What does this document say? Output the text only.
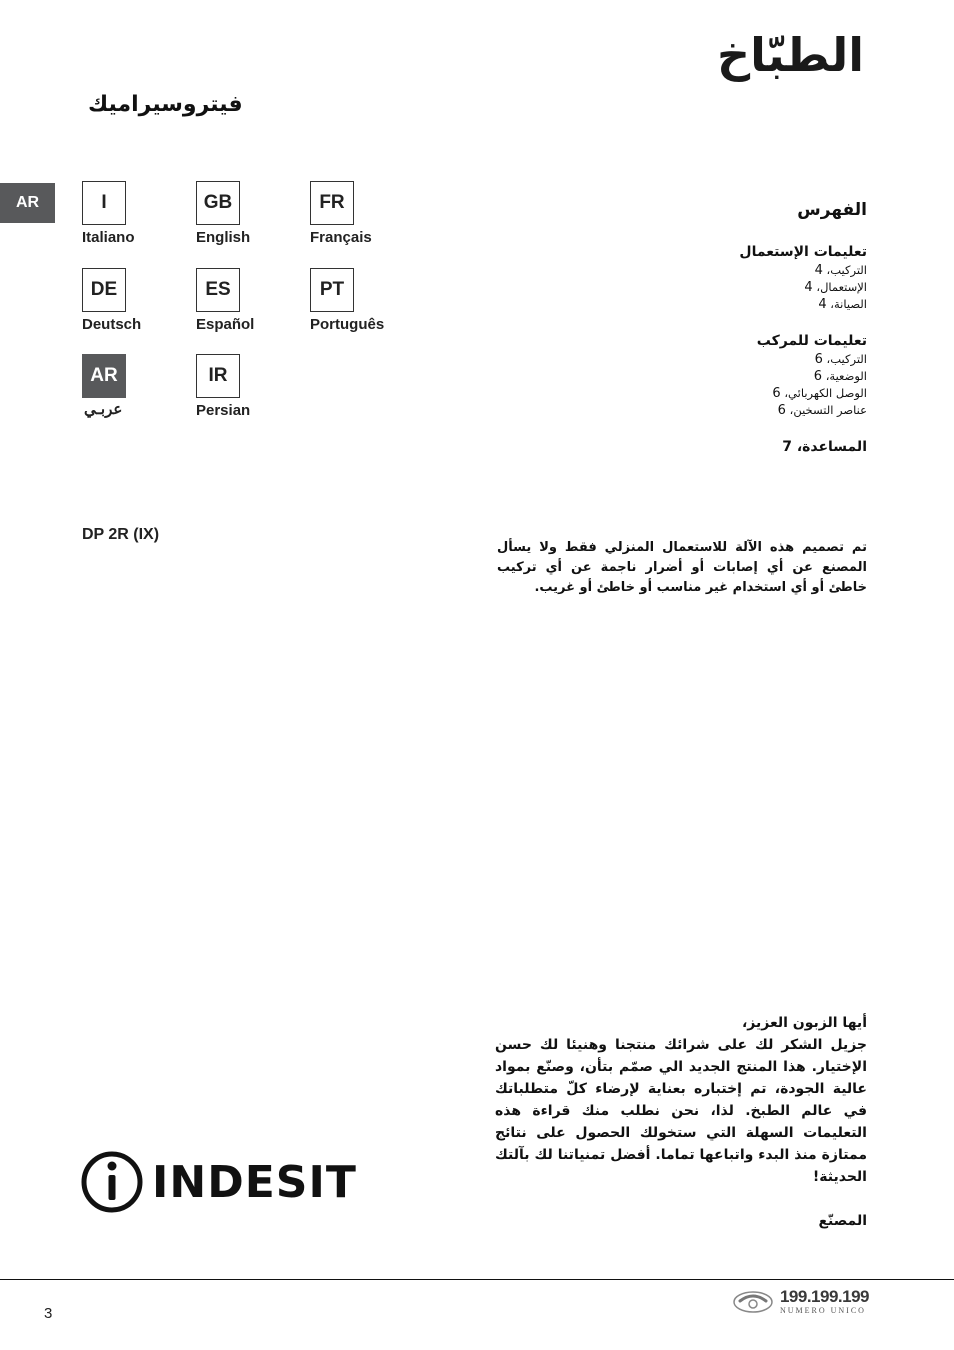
الطبّاخ
فيتروسيراميك
AR	I
Italiano
GB
English
FR
Français
DE
Deutsch
ES
Español
PT
Português
AR
عربـي
IR
Persian
الفهرس
تعليمات الإستعمال
التركيب، 4
الإستعمال، 4
الصيانة، 4
تعليمات للمركب
التركيب، 6
الوضعية، 6
الوصل الكهربائي، 6
عناصر التسخين، 6
المساعدة، 7
DP 2R (IX)
تم تصميم هذه الآلة للاستعمال المنزلي فقط ولا يسأل المصنع عن أي إصابات أو أضرار ناجمة عن أي تركيب خاطئ أو أي استخدام غير مناسب أو خاطئ أو غريب.
أيها الزبون العزيز،
جزيل الشكر لك على شرائك منتجنا وهنيئا لك حسن الإختيار. هذا المنتج الجديد الي صمّم بتأن، وصنّع بمواد عالية الجودة، تم إختباره بعناية لإرضاء كلّ متطلباتك في عالم الطبخ. لذا، نحن نطلب منك قراءة هذه التعليمات السهلة التي ستخولك الحصول على نتائج ممتازة منذ البدء واتباعها تماما. أفضل تمنياتنا لك بآلتك الحديثة!
المصنّع
INDESIT
3
199.199.199
NUMERO UNICO
